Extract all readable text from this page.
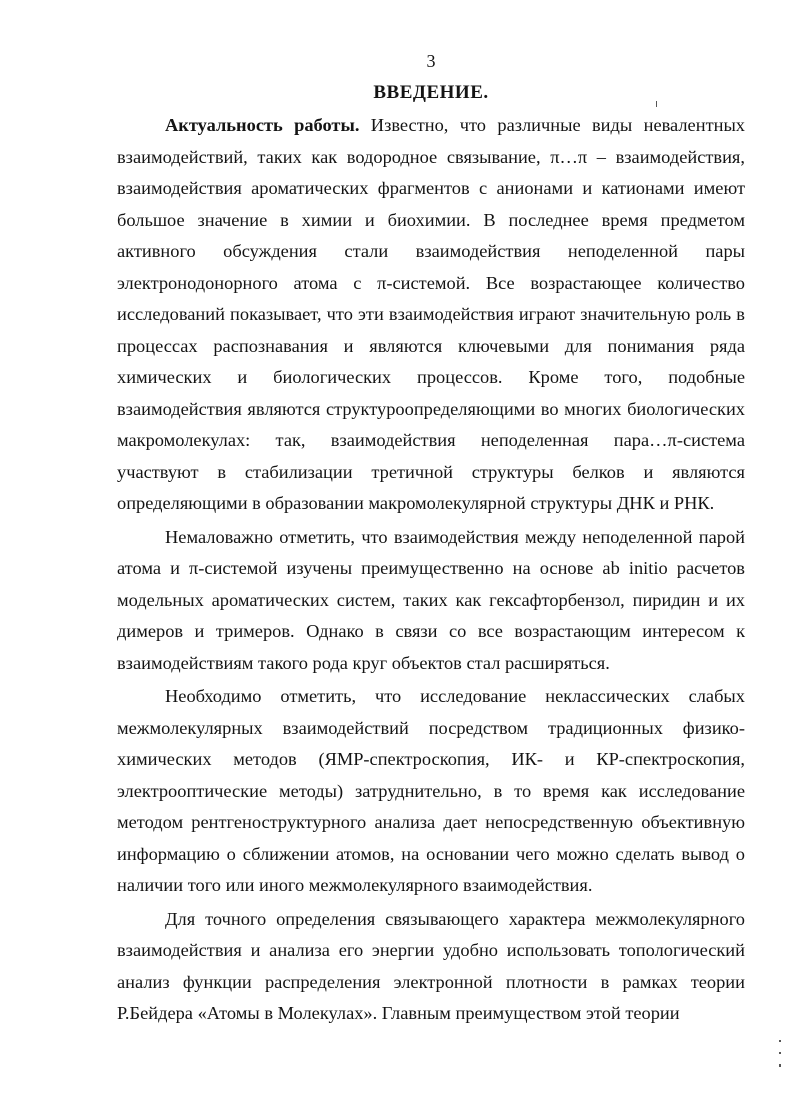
3
ВВЕДЕНИЕ.

Актуальность работы. Известно, что различные виды невалентных взаимодействий, таких как водородное связывание, π…π – взаимодействия, взаимодействия ароматических фрагментов с анионами и катионами имеют большое значение в химии и биохимии. В последнее время предметом активного обсуждения стали взаимодействия неподеленной пары электронодонорного атома с π-системой. Все возрастающее количество исследований показывает, что эти взаимодействия играют значительную роль в процессах распознавания и являются ключевыми для понимания ряда химических и биологических процессов. Кроме того, подобные взаимодействия являются структуроопределяющими во многих биологических макромолекулах: так, взаимодействия неподеленная пара…π-система участвуют в стабилизации третичной структуры белков и являются определяющими в образовании макромолекулярной структуры ДНК и РНК.

Немаловажно отметить, что взаимодействия между неподеленной парой атома и π-системой изучены преимущественно на основе ab initio расчетов модельных ароматических систем, таких как гексафторбензол, пиридин и их димеров и тримеров. Однако в связи со все возрастающим интересом к взаимодействиям такого рода круг объектов стал расширяться.

Необходимо отметить, что исследование неклассических слабых межмолекулярных взаимодействий посредством традиционных физико-химических методов (ЯМР-спектроскопия, ИК- и КР-спектроскопия, электрооптические методы) затруднительно, в то время как исследование методом рентгеноструктурного анализа дает непосредственную объективную информацию о сближении атомов, на основании чего можно сделать вывод о наличии того или иного межмолекулярного взаимодействия.

Для точного определения связывающего характера межмолекулярного взаимодействия и анализа его энергии удобно использовать топологический анализ функции распределения электронной плотности в рамках теории Р.Бейдера «Атомы в Молекулах». Главным преимуществом этой теории
